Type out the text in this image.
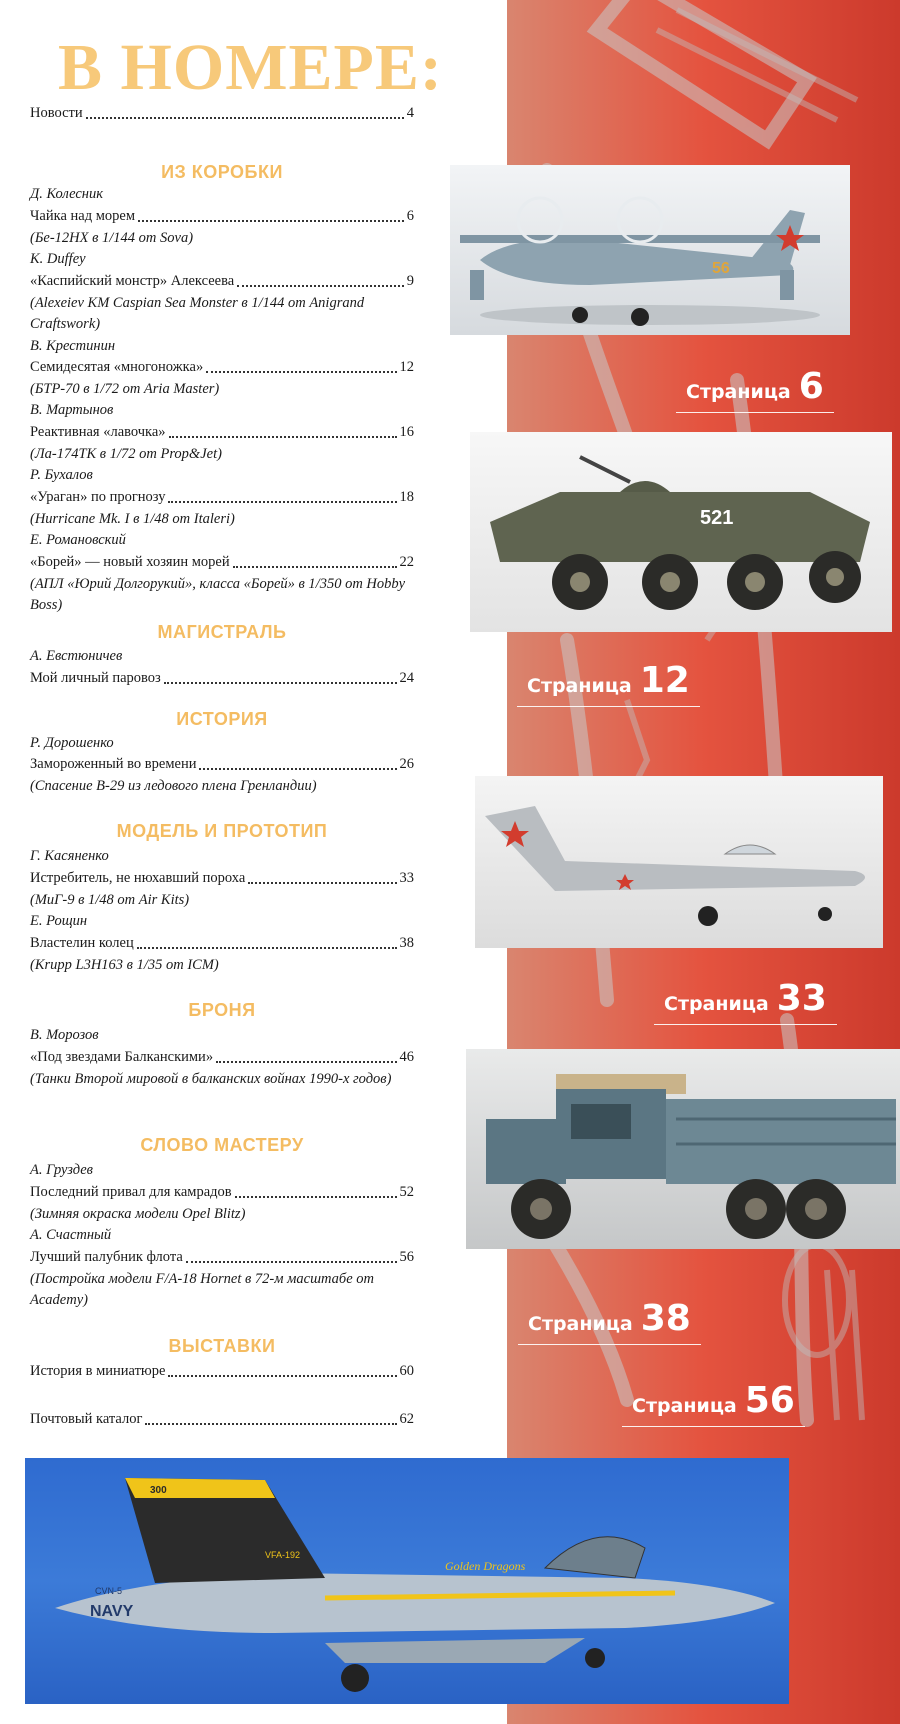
В НОМЕРЕ:
Новости	4
ИЗ КОРОБКИ
Д. Колесник
Чайка над морем	6
(Бе-12НХ в 1/144 от Sova)
K. Duffey
«Каспийский монстр» Алексеева	9
(Alexeiev KM Caspian Sea Monster в 1/144 от Anigrand Craftswork)
В. Крестинин
Семидесятая «многоножка»	12
(БТР-70 в 1/72 от Aria Master)
В. Мартынов
Реактивная «лавочка»	16
(Ла-174ТК в 1/72 от Prop&Jet)
Р. Бухалов
«Ураган» по прогнозу	18
(Hurricane Mk. I в 1/48 от Italeri)
Е. Романовский
«Борей» — новый хозяин морей	22
(АПЛ «Юрий Долгорукий», класса «Борей» в 1/350 от Hobby Boss)
МАГИСТРАЛЬ
А. Евстюничев
Мой личный паровоз	24
ИСТОРИЯ
Р. Дорошенко
Замороженный во времени	26
(Спасение B-29 из ледового плена Гренландии)
МОДЕЛЬ И ПРОТОТИП
Г. Касяненко
Истребитель, не нюхавший пороха	33
(МиГ-9 в 1/48 от Air Kits)
Е. Рощин
Властелин колец	38
(Krupp L3H163 в 1/35 от ICM)
БРОНЯ
В. Морозов
«Под звездами Балканскими»	46
(Танки Второй мировой в балканских войнах 1990-х годов)
СЛОВО МАСТЕРУ
А. Груздев
Последний привал для камрадов	52
(Зимняя окраска модели Opel Blitz)
А. Счастный
Лучший палубник флота	56
(Постройка модели F/A-18 Hornet в 72-м масштабе от Academy)
ВЫСТАВКИ
История в миниатюре	60
Почтовый каталог	62
56
Страница 6
521
Страница 12
Страница 33
Страница 38
Страница 56
NAVY
CVN-5
300
VFA-192
Golden Dragons
